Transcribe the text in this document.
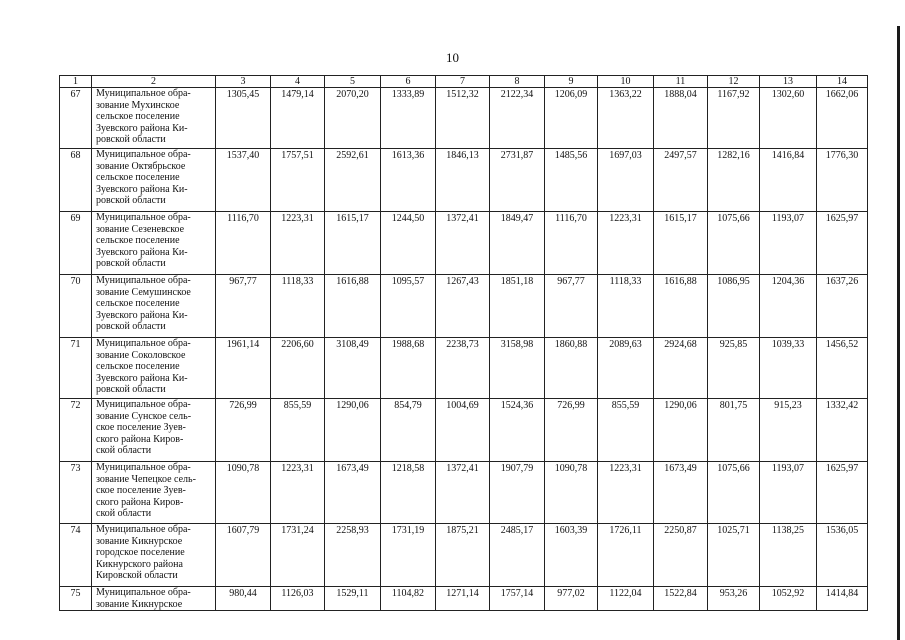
10
1	2	3	4	5	6	7	8	9	10	11	12	13	14
67	Муниципальное обра-
зование Мухинское
сельское поселение
Зуевского района Ки-
ровской области	1305,45	1479,14	2070,20	1333,89	1512,32	2122,34	1206,09	1363,22	1888,04	1167,92	1302,60	1662,06
68	Муниципальное обра-
зование Октябрьское
сельское поселение
Зуевского района Ки-
ровской области	1537,40	1757,51	2592,61	1613,36	1846,13	2731,87	1485,56	1697,03	2497,57	1282,16	1416,84	1776,30
69	Муниципальное обра-
зование Сезеневское
сельское поселение
Зуевского района Ки-
ровской области	1116,70	1223,31	1615,17	1244,50	1372,41	1849,47	1116,70	1223,31	1615,17	1075,66	1193,07	1625,97
70	Муниципальное обра-
зование Семушинское
сельское поселение
Зуевского района Ки-
ровской области	967,77	1118,33	1616,88	1095,57	1267,43	1851,18	967,77	1118,33	1616,88	1086,95	1204,36	1637,26
71	Муниципальное обра-
зование Соколовское
сельское поселение
Зуевского района Ки-
ровской области	1961,14	2206,60	3108,49	1988,68	2238,73	3158,98	1860,88	2089,63	2924,68	925,85	1039,33	1456,52
72	Муниципальное обра-
зование Сунское сель-
ское поселение Зуев-
ского района Киров-
ской области	726,99	855,59	1290,06	854,79	1004,69	1524,36	726,99	855,59	1290,06	801,75	915,23	1332,42
73	Муниципальное обра-
зование Чепецкое сель-
ское поселение Зуев-
ского района Киров-
ской области	1090,78	1223,31	1673,49	1218,58	1372,41	1907,79	1090,78	1223,31	1673,49	1075,66	1193,07	1625,97
74	Муниципальное обра-
зование Кикнурское
городское поселение
Кикнурского района
Кировской области	1607,79	1731,24	2258,93	1731,19	1875,21	2485,17	1603,39	1726,11	2250,87	1025,71	1138,25	1536,05
75	Муниципальное обра-
зование Кикнурское	980,44	1126,03	1529,11	1104,82	1271,14	1757,14	977,02	1122,04	1522,84	953,26	1052,92	1414,84
